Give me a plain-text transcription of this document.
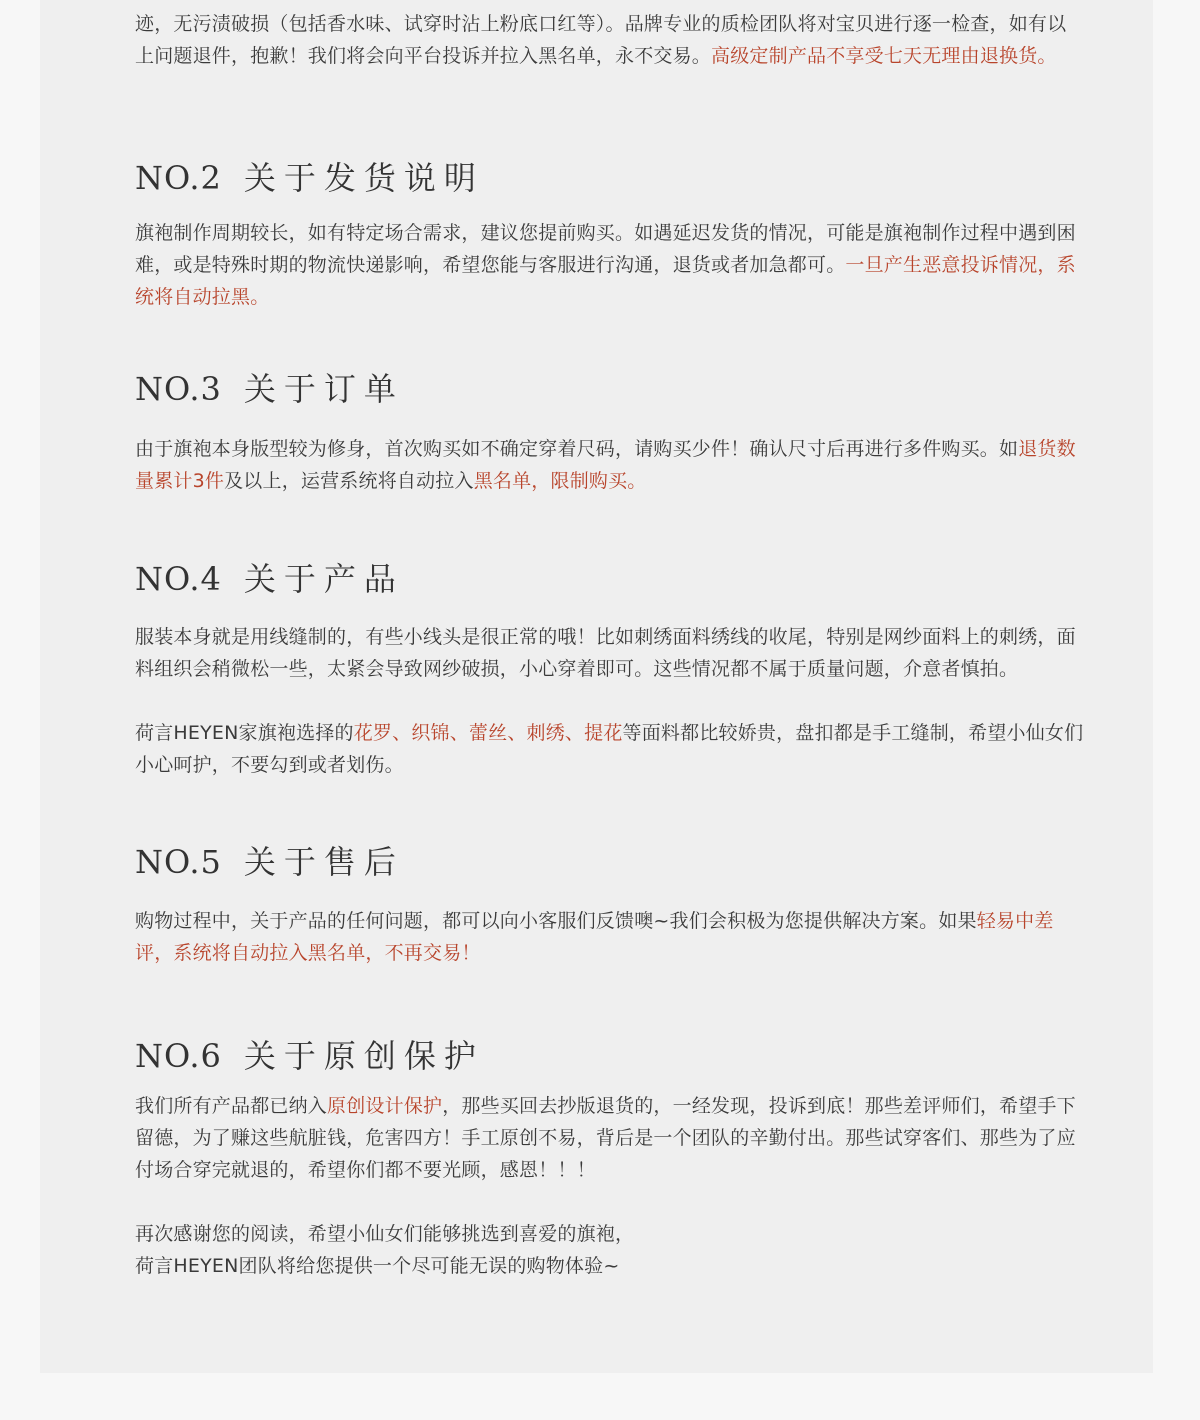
迹，无污渍破损（包括香水味、试穿时沾上粉底口红等）。品牌专业的质检团队将对宝贝进行逐一检查，如有以上问题退件，抱歉！我们将会向平台投诉并拉入黑名单，永不交易。高级定制产品不享受七天无理由退换货。

NO.2 关于发货说明

旗袍制作周期较长，如有特定场合需求，建议您提前购买。如遇延迟发货的情况，可能是旗袍制作过程中遇到困难，或是特殊时期的物流快递影响，希望您能与客服进行沟通，退货或者加急都可。一旦产生恶意投诉情况，系统将自动拉黑。

NO.3 关于订单

由于旗袍本身版型较为修身，首次购买如不确定穿着尺码，请购买少件！确认尺寸后再进行多件购买。如退货数量累计3件及以上，运营系统将自动拉入黑名单，限制购买。

NO.4 关于产品

服装本身就是用线缝制的，有些小线头是很正常的哦！比如刺绣面料绣线的收尾，特别是网纱面料上的刺绣，面料组织会稍微松一些，太紧会导致网纱破损，小心穿着即可。这些情况都不属于质量问题，介意者慎拍。

荷言HEYEN家旗袍选择的花罗、织锦、蕾丝、刺绣、提花等面料都比较娇贵，盘扣都是手工缝制，希望小仙女们小心呵护，不要勾到或者划伤。

NO.5 关于售后

购物过程中，关于产品的任何问题，都可以向小客服们反馈噢~我们会积极为您提供解决方案。如果轻易中差评，系统将自动拉入黑名单，不再交易！

NO.6 关于原创保护

我们所有产品都已纳入原创设计保护，那些买回去抄版退货的，一经发现，投诉到底！那些差评师们，希望手下留德，为了赚这些航脏钱，危害四方！手工原创不易，背后是一个团队的辛勤付出。那些试穿客们、那些为了应付场合穿完就退的，希望你们都不要光顾，感恩！！！

再次感谢您的阅读，希望小仙女们能够挑选到喜爱的旗袍，

荷言HEYEN团队将给您提供一个尽可能无误的购物体验~
